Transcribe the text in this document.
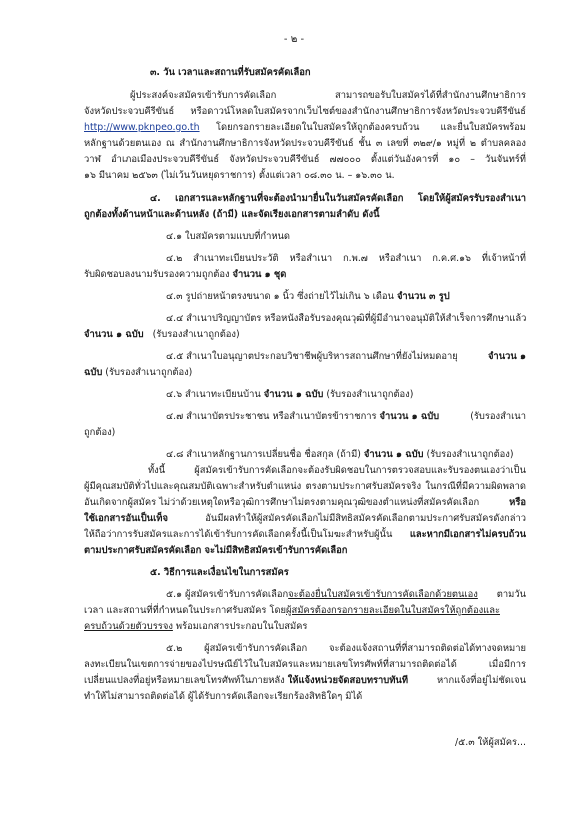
- ๒ -
๓. วัน เวลาและสถานที่รับสมัครคัดเลือก
ผู้ประสงค์จะสมัครเข้ารับการคัดเลือก สามารถขอรับใบสมัครได้ที่สำนักงานศึกษาธิการ
จังหวัดประจวบคีรีขันธ์ หรือดาวน์โหลดใบสมัครจากเว็บไซต์ของสำนักงานศึกษาธิการจังหวัดประจวบคีรีขันธ์
http://www.pknpeo.go.th โดยกรอกรายละเอียดในใบสมัครให้ถูกต้องครบถ้วน และยื่นใบสมัครพร้อม
หลักฐานด้วยตนเอง ณ สำนักงานศึกษาธิการจังหวัดประจวบคีรีขันธ์ ชั้น ๓ เลขที่ ๓๒๙/๑ หมู่ที่ ๒ ตำบลคลอง
วาฬ อำเภอเมืองประจวบคีรีขันธ์ จังหวัดประจวบคีรีขันธ์ ๗๗๐๐๐ ตั้งแต่วันอังคารที่ ๑๐ – วันจันทร์ที่
๑๖ มีนาคม ๒๕๖๓ (ไม่เว้นวันหยุดราชการ) ตั้งแต่เวลา ๐๘.๓๐ น. – ๑๖.๓๐ น.
๔. เอกสารและหลักฐานที่จะต้องนำมายื่นในวันสมัครคัดเลือก โดยให้ผู้สมัครรับรองสำเนา
ถูกต้องทั้งด้านหน้าและด้านหลัง (ถ้ามี) และจัดเรียงเอกสารตามลำดับ ดังนี้
๔.๑ ใบสมัครตามแบบที่กำหนด
๔.๒ สำเนาทะเบียนประวัติ หรือสำเนา ก.พ.๗ หรือสำเนา ก.ค.ศ.๑๖ ที่เจ้าหน้าที่
รับผิดชอบลงนามรับรองความถูกต้อง จำนวน ๑ ชุด
๔.๓ รูปถ่ายหน้าตรงขนาด ๑ นิ้ว ซึ่งถ่ายไว้ไม่เกิน ๖ เดือน จำนวน ๓ รูป
๔.๔ สำเนาปริญญาบัตร หรือหนังสือรับรองคุณวุฒิที่ผู้มีอำนาจอนุมัติให้สำเร็จการศึกษาแล้ว
จำนวน ๑ ฉบับ (รับรองสำเนาถูกต้อง)
๔.๕ สำเนาใบอนุญาตประกอบวิชาชีพผู้บริหารสถานศึกษาที่ยังไม่หมดอายุ	จำนวน ๑
ฉบับ (รับรองสำเนาถูกต้อง)
๔.๖ สำเนาทะเบียนบ้าน จำนวน ๑ ฉบับ (รับรองสำเนาถูกต้อง)
๔.๗ สำเนาบัตรประชาชน หรือสำเนาบัตรข้าราชการ จำนวน ๑ ฉบับ	(รับรองสำเนา
ถูกต้อง)
๔.๘ สำเนาหลักฐานการเปลี่ยนชื่อ ชื่อสกุล (ถ้ามี) จำนวน ๑ ฉบับ (รับรองสำเนาถูกต้อง)
ทั้งนี้ ผู้สมัครเข้ารับการคัดเลือกจะต้องรับผิดชอบในการตรวจสอบและรับรองตนเองว่าเป็น
ผู้มีคุณสมบัติทั่วไปและคุณสมบัติเฉพาะสำหรับตำแหน่ง ตรงตามประกาศรับสมัครจริง ในกรณีที่มีความผิดพลาด
อันเกิดจากผู้สมัคร ไม่ว่าด้วยเหตุใดหรือวุฒิการศึกษาไม่ตรงตามคุณวุฒิของตำแหน่งที่สมัครคัดเลือก	หรือ
ใช้เอกสารอันเป็นเท็จ	อันมีผลทำให้ผู้สมัครคัดเลือกไม่มีสิทธิสมัครคัดเลือกตามประกาศรับสมัครดังกล่าว
ให้ถือว่าการรับสมัครและการได้เข้ารับการคัดเลือกครั้งนี้เป็นโมฆะสำหรับผู้นั้น และหากมีเอกสารไม่ครบถ้วน
ตามประกาศรับสมัครคัดเลือก จะไม่มีสิทธิสมัครเข้ารับการคัดเลือก
๕. วิธีการและเงื่อนไขในการสมัคร
๕.๑ ผู้สมัครเข้ารับการคัดเลือกจะต้องยื่นใบสมัครเข้ารับการคัดเลือกด้วยตนเอง ตามวัน
เวลา และสถานที่ที่กำหนดในประกาศรับสมัคร โดยผู้สมัครต้องกรอกรายละเอียดในใบสมัครให้ถูกต้องและ
ครบถ้วนด้วยตัวบรรจง พร้อมเอกสารประกอบในใบสมัคร
๕.๒ ผู้สมัครเข้ารับการคัดเลือก จะต้องแจ้งสถานที่ที่สามารถติดต่อได้ทางจดหมาย
ลงทะเบียนในเขตการจ่ายของไปรษณีย์ไว้ในใบสมัครและหมายเลขโทรศัพท์ที่สามารถติดต่อได้ เมื่อมีการ
เปลี่ยนแปลงที่อยู่หรือหมายเลขโทรศัพท์ในภายหลัง ให้แจ้งหน่วยจัดสอบทราบทันที	หากแจ้งที่อยู่ไม่ชัดเจน
ทำให้ไม่สามารถติดต่อได้ ผู้ได้รับการคัดเลือกจะเรียกร้องสิทธิใดๆ มิได้
/๕.๓ ให้ผู้สมัคร...
